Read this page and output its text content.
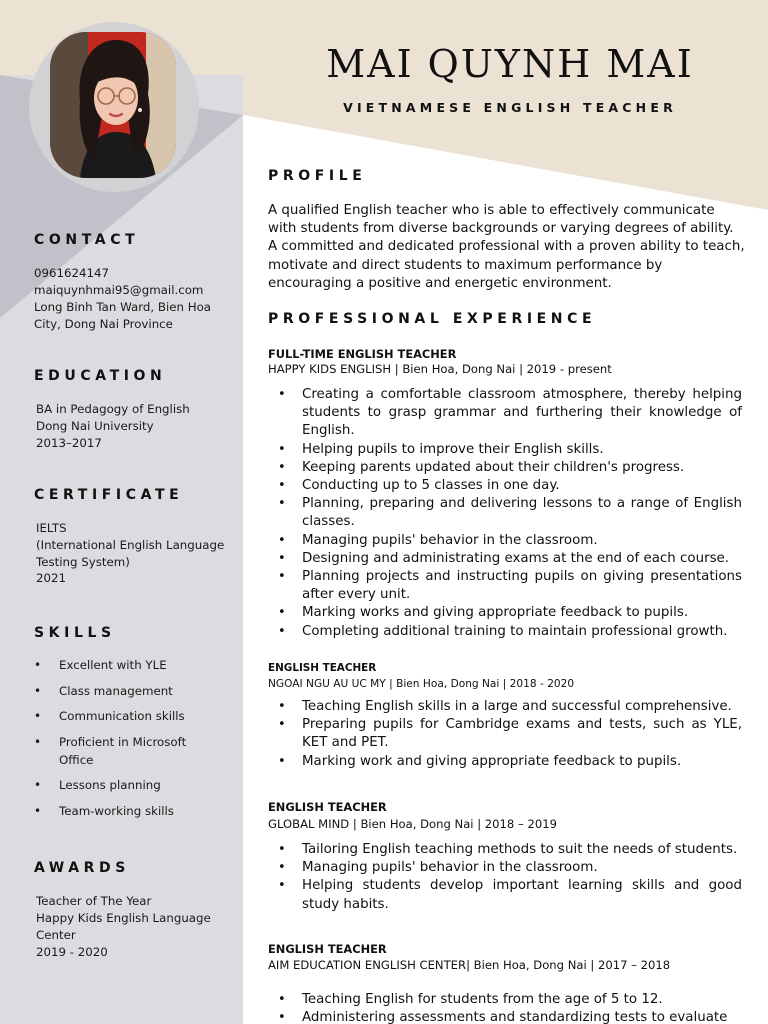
MAI QUYNH MAI
VIETNAMESE ENGLISH TEACHER
CONTACT
0961624147
maiquynhmai95@gmail.com
Long Binh Tan Ward, Bien Hoa
City, Dong Nai Province
EDUCATION
BA in Pedagogy of English
Dong Nai University
2013–2017
CERTIFICATE
IELTS
(International English Language
Testing System)
2021
SKILLS
• Excellent with YLE
• Class management
• Communication skills
• Proficient in Microsoft Office
• Lessons planning
• Team-working skills
AWARDS
Teacher of The Year
Happy Kids English Language
Center
2019 - 2020
PROFILE
A qualified English teacher who is able to effectively communicate with students from diverse backgrounds or varying degrees of ability. A committed and dedicated professional with a proven ability to teach, motivate and direct students to maximum performance by encouraging a positive and energetic environment.
PROFESSIONAL EXPERIENCE
FULL-TIME ENGLISH TEACHER
HAPPY KIDS ENGLISH | Bien Hoa, Dong Nai | 2019 - present
• Creating a comfortable classroom atmosphere, thereby helping students to grasp grammar and furthering their knowledge of English.
• Helping pupils to improve their English skills.
• Keeping parents updated about their children's progress.
• Conducting up to 5 classes in one day.
• Planning, preparing and delivering lessons to a range of English classes.
• Managing pupils' behavior in the classroom.
• Designing and administrating exams at the end of each course.
• Planning projects and instructing pupils on giving presentations after every unit.
• Marking works and giving appropriate feedback to pupils.
• Completing additional training to maintain professional growth.
ENGLISH TEACHER
NGOAI NGU AU UC MY | Bien Hoa, Dong Nai | 2018 - 2020
• Teaching English skills in a large and successful comprehensive.
• Preparing pupils for Cambridge exams and tests, such as YLE, KET and PET.
• Marking work and giving appropriate feedback to pupils.
ENGLISH TEACHER
GLOBAL MIND | Bien Hoa, Dong Nai | 2018 – 2019
• Tailoring English teaching methods to suit the needs of students.
• Managing pupils' behavior in the classroom.
• Helping students develop important learning skills and good study habits.
ENGLISH TEACHER
AIM EDUCATION ENGLISH CENTER| Bien Hoa, Dong Nai | 2017 – 2018
• Teaching English for students from the age of 5 to 12.
• Administering assessments and standardizing tests to evaluate
